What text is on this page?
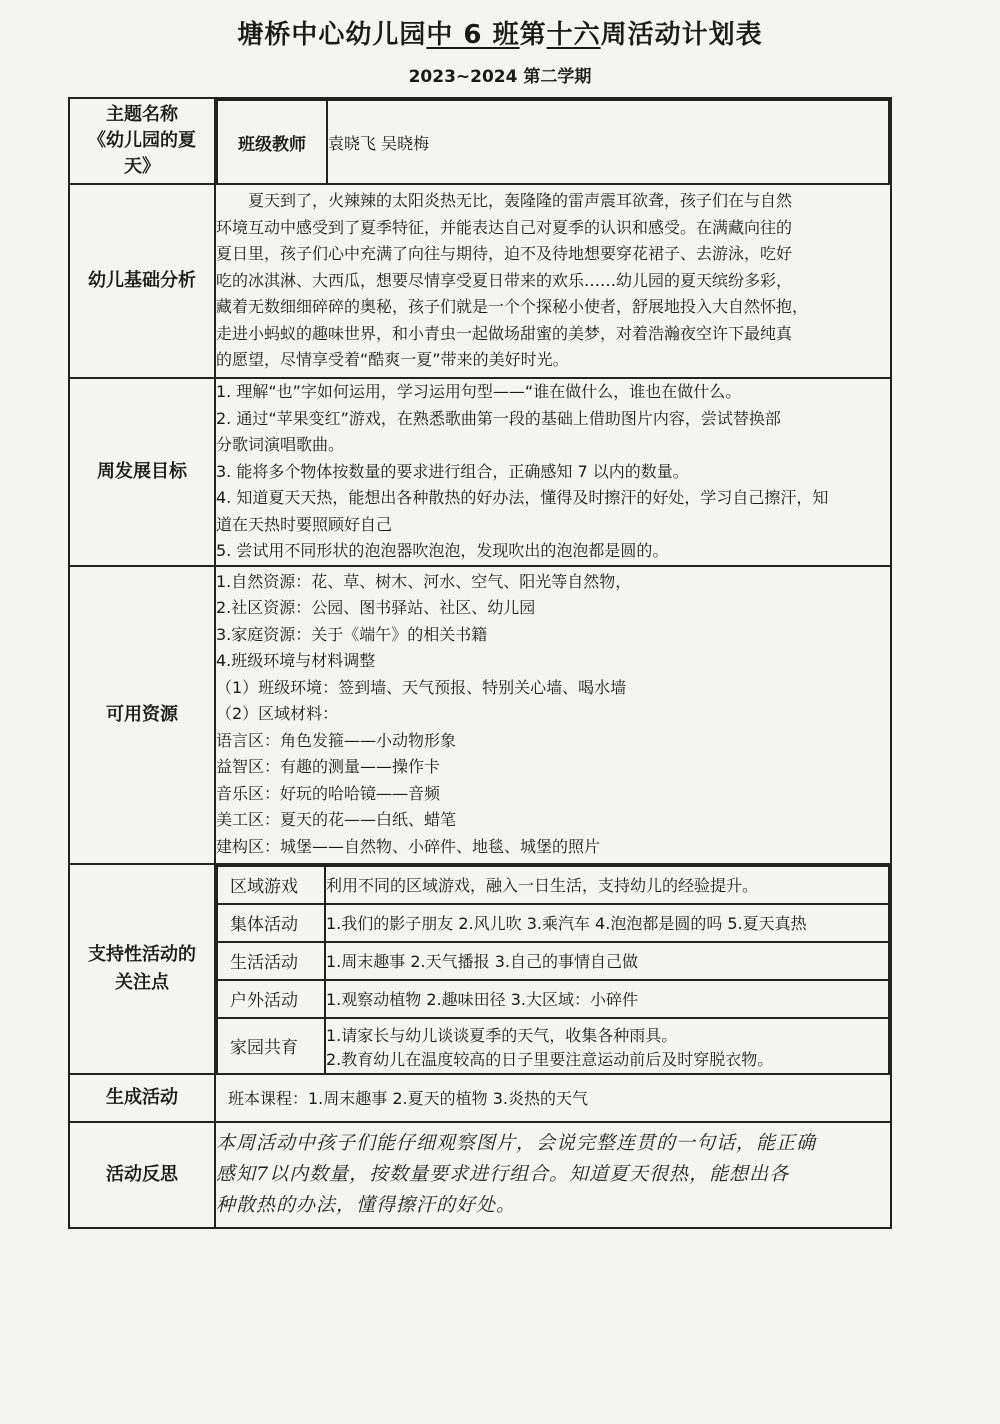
塘桥中心幼儿园中 6 班第十六周活动计划表
2023~2024 第二学期
主题名称
《幼儿园的夏
天》

班级教师	袁晓飞 吴晓梅

幼儿基础分析	
夏天到了，火辣辣的太阳炎热无比，轰隆隆的雷声震耳欲聋，孩子们在与自然
环境互动中感受到了夏季特征，并能表达自己对夏季的认识和感受。在满藏向往的
夏日里，孩子们心中充满了向往与期待，迫不及待地想要穿花裙子、去游泳，吃好
吃的冰淇淋、大西瓜，想要尽情享受夏日带来的欢乐……幼儿园的夏天缤纷多彩，
藏着无数细细碎碎的奥秘，孩子们就是一个个探秘小使者，舒展地投入大自然怀抱，
走进小蚂蚁的趣味世界，和小青虫一起做场甜蜜的美梦，对着浩瀚夜空许下最纯真
的愿望，尽情享受着“酷爽一夏”带来的美好时光。

周发展目标	
1. 理解“也”字如何运用，学习运用句型——“谁在做什么，谁也在做什么。
2. 通过“苹果变红”游戏，在熟悉歌曲第一段的基础上借助图片内容，尝试替换部
分歌词演唱歌曲。
3. 能将多个物体按数量的要求进行组合，正确感知 7 以内的数量。
4. 知道夏天天热，能想出各种散热的好办法，懂得及时擦汗的好处，学习自己擦汗，知
道在天热时要照顾好自己
5. 尝试用不同形状的泡泡器吹泡泡，发现吹出的泡泡都是圆的。

可用资源	
1.自然资源：花、草、树木、河水、空气、阳光等自然物，
2.社区资源：公园、图书驿站、社区、幼儿园
3.家庭资源：关于《端午》的相关书籍
4.班级环境与材料调整
（1）班级环境：签到墙、天气预报、特别关心墙、喝水墙
（2）区域材料：
语言区：角色发箍——小动物形象
益智区：有趣的测量——操作卡
音乐区：好玩的哈哈镜——音频
美工区：夏天的花——白纸、蜡笔
建构区：城堡——自然物、小碎件、地毯、城堡的照片

支持性活动的
关注点

区域游戏	利用不同的区域游戏，融入一日生活，支持幼儿的经验提升。
集体活动	1.我们的影子朋友 2.风儿吹 3.乘汽车 4.泡泡都是圆的吗 5.夏天真热
生活活动	1.周末趣事 2.天气播报 3.自己的事情自己做
户外活动	1.观察动植物 2.趣味田径 3.大区域：小碎件
家园共育	
1.请家长与幼儿谈谈夏季的天气，收集各种雨具。
2.教育幼儿在温度较高的日子里要注意运动前后及时穿脱衣物。

生成活动	班本课程：1.周末趣事 2.夏天的植物 3.炎热的天气
活动反思	
本周活动中孩子们能仔细观察图片，会说完整连贯的一句话，能正确
感知7以内数量，按数量要求进行组合。知道夏天很热，能想出各
种散热的办法，懂得擦汗的好处。
